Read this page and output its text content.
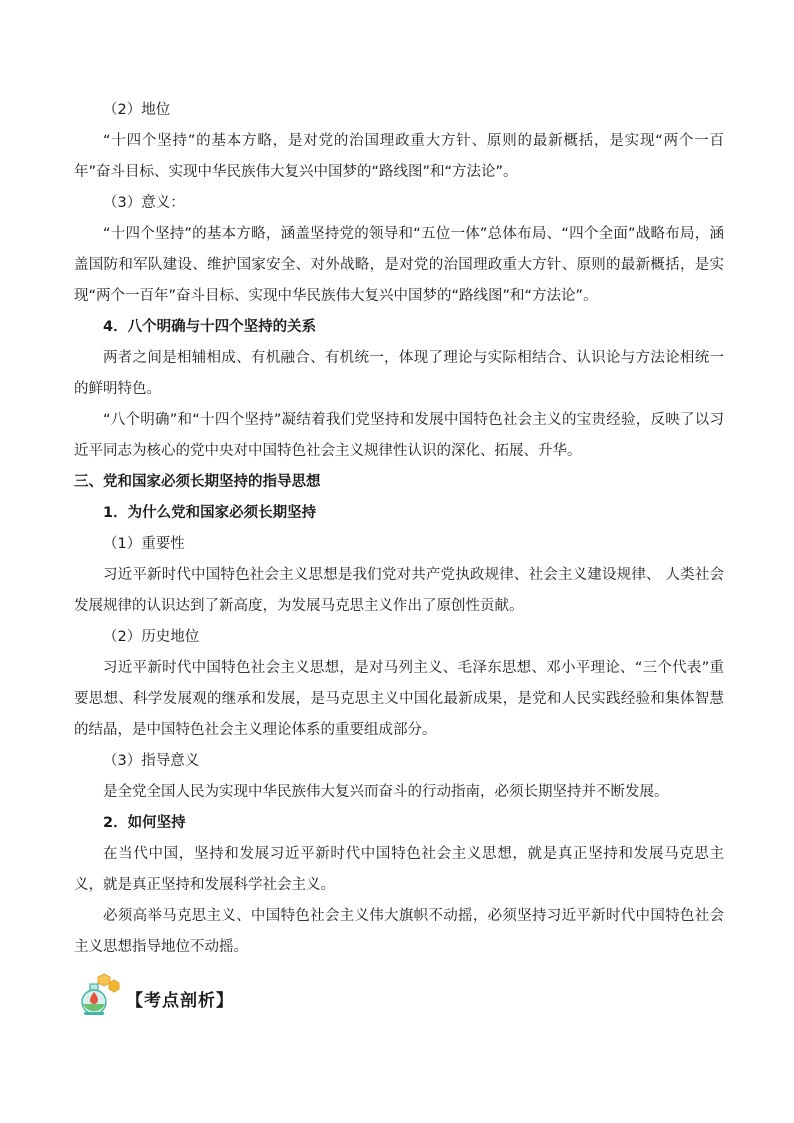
（2）地位

“十四个坚持”的基本方略，是对党的治国理政重大方针、原则的最新概括，是实现“两个一百年”奋斗目标、实现中华民族伟大复兴中国梦的“路线图”和“方法论”。

（3）意义：

“十四个坚持”的基本方略，涵盖坚持党的领导和“五位一体”总体布局、“四个全面”战略布局，涵盖国防和军队建设、维护国家安全、对外战略，是对党的治国理政重大方针、原则的最新概括，是实现“两个一百年”奋斗目标、实现中华民族伟大复兴中国梦的“路线图”和“方法论”。

4．八个明确与十四个坚持的关系

两者之间是相辅相成、有机融合、有机统一，体现了理论与实际相结合、认识论与方法论相统一的鲜明特色。

“八个明确”和“十四个坚持”凝结着我们党坚持和发展中国特色社会主义的宝贵经验，反映了以习近平同志为核心的党中央对中国特色社会主义规律性认识的深化、拓展、升华。

三、党和国家必须长期坚持的指导思想

1．为什么党和国家必须长期坚持

（1）重要性

习近平新时代中国特色社会主义思想是我们党对共产党执政规律、社会主义建设规律、 人类社会发展规律的认识达到了新高度，为发展马克思主义作出了原创性贡献。

（2）历史地位

习近平新时代中国特色社会主义思想，是对马列主义、毛泽东思想、邓小平理论、“三个代表”重要思想、科学发展观的继承和发展，是马克思主义中国化最新成果，是党和人民实践经验和集体智慧的结晶，是中国特色社会主义理论体系的重要组成部分。

（3）指导意义

是全党全国人民为实现中华民族伟大复兴而奋斗的行动指南，必须长期坚持并不断发展。

2．如何坚持

在当代中国，坚持和发展习近平新时代中国特色社会主义思想，就是真正坚持和发展马克思主义，就是真正坚持和发展科学社会主义。

必须高举马克思主义、中国特色社会主义伟大旗帜不动摇，必须坚持习近平新时代中国特色社会主义思想指导地位不动摇。

【考点剖析】
